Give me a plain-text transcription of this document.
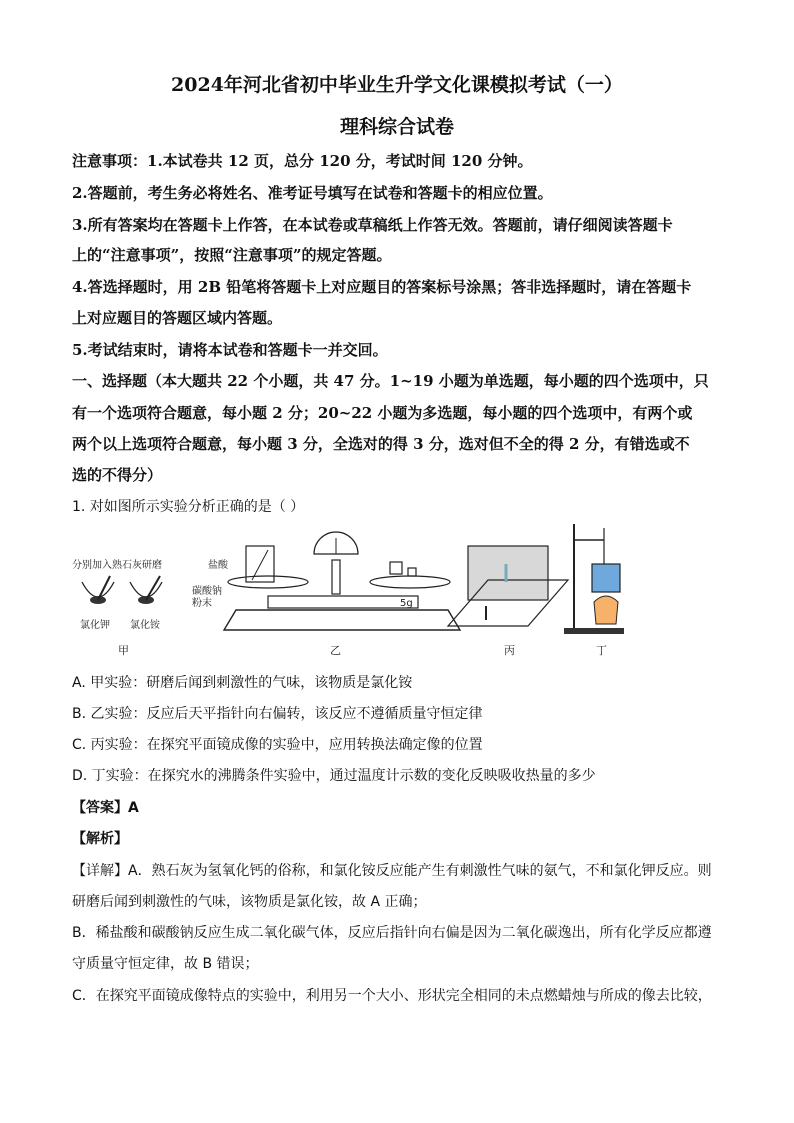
2024年河北省初中毕业生升学文化课模拟考试（一）
理科综合试卷
注意事项：1.本试卷共 12 页，总分 120 分，考试时间 120 分钟。
2.答题前，考生务必将姓名、准考证号填写在试卷和答题卡的相应位置。
3.所有答案均在答题卡上作答，在本试卷或草稿纸上作答无效。答题前，请仔细阅读答题卡
上的“注意事项”，按照“注意事项”的规定答题。
4.答选择题时，用 2B 铅笔将答题卡上对应题目的答案标号涂黑；答非选择题时，请在答题卡
上对应题目的答题区域内答题。
5.考试结束时，请将本试卷和答题卡一并交回。
一、选择题（本大题共 22 个小题，共 47 分。1~19 小题为单选题，每小题的四个选项中，只
有一个选项符合题意，每小题 2 分；20~22 小题为多选题，每小题的四个选项中，有两个或
两个以上选项符合题意，每小题 3 分，全选对的得 3 分，选对但不全的得 2 分，有错选或不
选的不得分）
1. 对如图所示实验分析正确的是（ ）
分别加入熟石灰研磨
氯化钾 氯化铵
甲
盐酸
碳酸钠
粉末	5g
乙	丙	丁
A. 甲实验：研磨后闻到刺激性的气味，该物质是氯化铵
B. 乙实验：反应后天平指针向右偏转，该反应不遵循质量守恒定律
C. 丙实验：在探究平面镜成像的实验中，应用转换法确定像的位置
D. 丁实验：在探究水的沸腾条件实验中，通过温度计示数的变化反映吸收热量的多少
【答案】A
【解析】
【详解】A．熟石灰为氢氧化钙的俗称，和氯化铵反应能产生有刺激性气味的氨气，不和氯化钾反应。则
研磨后闻到刺激性的气味，该物质是氯化铵，故 A 正确；
B．稀盐酸和碳酸钠反应生成二氧化碳气体，反应后指针向右偏是因为二氧化碳逸出，所有化学反应都遵
守质量守恒定律，故 B 错误；
C．在探究平面镜成像特点的实验中，利用另一个大小、形状完全相同的未点燃蜡烛与所成的像去比较，
